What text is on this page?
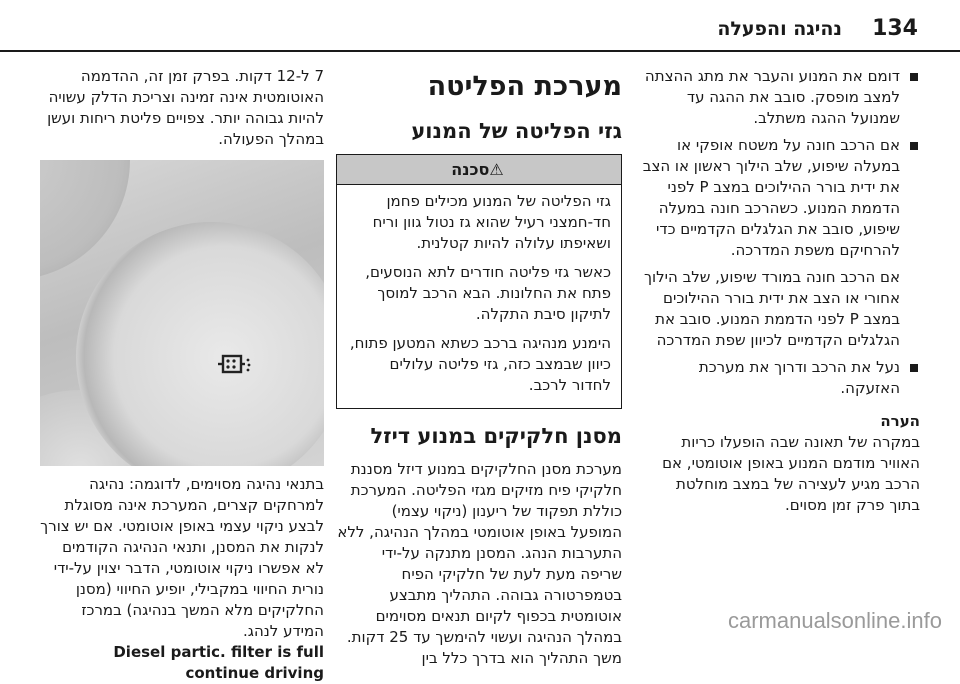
134
נהיגה והפעלה
דומם את המנוע והעבר את מתג ההצתה למצב מופסק. סובב את ההגה עד שמנועל ההגה משתלב.
אם הרכב חונה על משטח אופקי או במעלה שיפוע, שלב הילוך ראשון או הצב את ידית בורר ההילוכים במצב P לפני הדממת המנוע. כשהרכב חונה במעלה שיפוע, סובב את הגלגלים הקדמיים כדי להרחיקם משפת המדרכה.
אם הרכב חונה במורד שיפוע, שלב הילוך אחורי או הצב את ידית בורר ההילוכים במצב P לפני הדממת המנוע. סובב את הגלגלים הקדמיים לכיוון שפת המדרכה
נעל את הרכב ודרוך את מערכת האזעקה.
הערה
במקרה של תאונה שבה הופעלו כריות האוויר מודמם המנוע באופן אוטומטי, אם הרכב מגיע לעצירה של במצב מוחלטת בתוך פרק זמן מסוים.
מערכת הפליטה
גזי הפליטה של המנוע
⚠סכנה

גזי הפליטה של המנוע מכילים פחמן חד-חמצני רעיל שהוא גז נטול גוון וריח ושאיפתו עלולה להיות קטלנית.

כאשר גזי פליטה חודרים לתא הנוסעים, פתח את החלונות. הבא הרכב למוסך לתיקון סיבת התקלה.

הימנע מנהיגה ברכב כשתא המטען פתוח, כיוון שבמצב כזה, גזי פליטה עלולים לחדור לרכב.

מסנן חלקיקים במנוע דיזל
מערכת מסנן החלקיקים במנוע דיזל מסננת חלקיקי פיח מזיקים מגזי הפליטה. המערכת כוללת תפקוד של ריענון (ניקוי עצמי) המופעל באופן אוטומטי במהלך הנהיגה, ללא התערבות הנהג. המסנן מתנקה על-ידי שריפה מעת לעת של חלקיקי הפיח בטמפרטורה גבוהה. התהליך מתבצע אוטומטית בכפוף לקיום תנאים מסוימים במהלך הנהיגה ועשוי להימשך עד 25 דקות. משך התהליך הוא בדרך כלל בין
7 ל-12 דקות. בפרק זמן זה, ההדממה האוטומטית אינה זמינה וצריכת הדלק עשויה להיות גבוהה יותר. צפויים פליטת ריחות ועשן במהלך הפעולה.
בתנאי נהיגה מסוימים, לדוגמה: נהיגה למרחקים קצרים, המערכת אינה מסוגלת לבצע ניקוי עצמי באופן אוטומטי. אם יש צורך לנקות את המסנן, ותנאי הנהיגה הקודמים לא אפשרו ניקוי אוטומטי, הדבר יצוין על-ידי נורית החיווי במקבילי, יופיע החיווי (מסנן החלקיקים מלא המשך בנהיגה) במרכז המידע לנהג.
Diesel partic. filter is full continue driving
carmanualsonline.info
